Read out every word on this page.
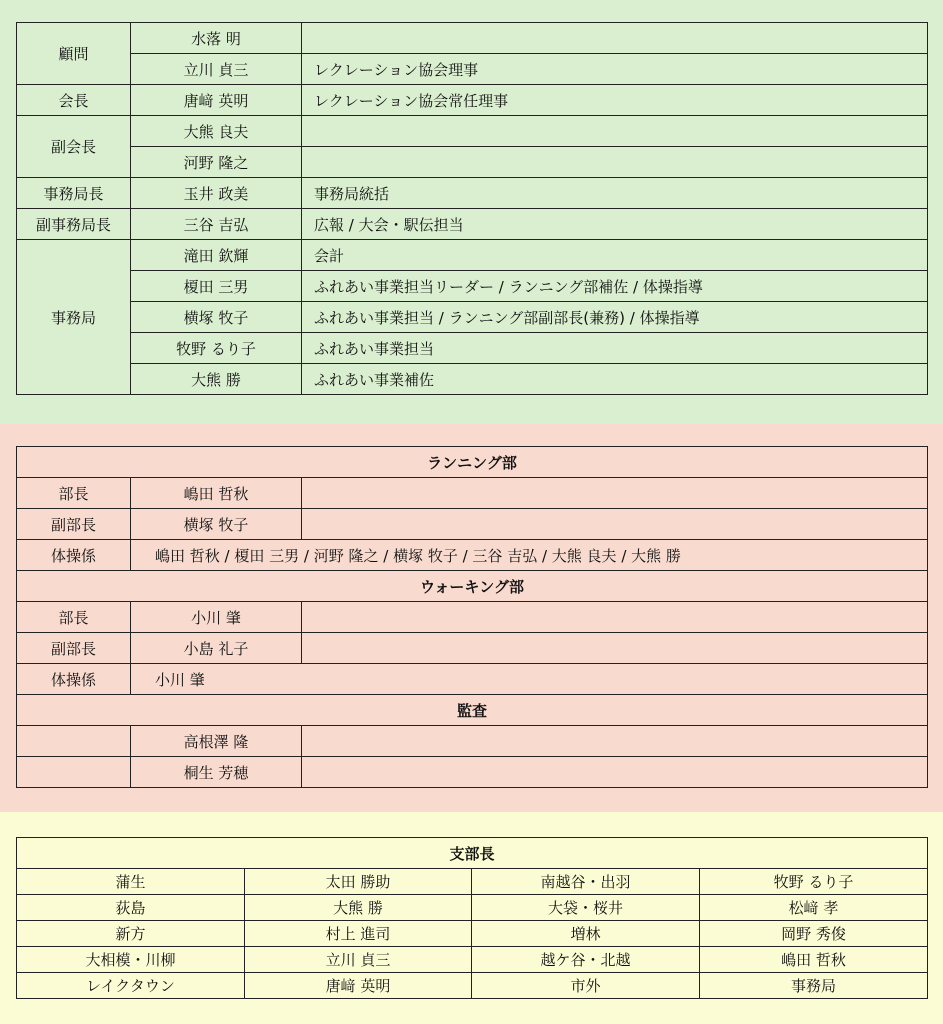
顧問	水落 明	
	立川 貞三	レクレーション協会理事
会長	唐﨑 英明	レクレーション協会常任理事
副会長	大熊 良夫	
	河野 隆之	
事務局長	玉井 政美	事務局統括
副事務局長	三谷 吉弘	広報 / 大会・駅伝担当
事務局	滝田 欽輝	会計
	榎田 三男	ふれあい事業担当リーダー / ランニング部補佐 / 体操指導
	横塚 牧子	ふれあい事業担当 / ランニング部副部長(兼務) / 体操指導
	牧野 るり子	ふれあい事業担当
	大熊 勝	ふれあい事業補佐
ランニング部		
部長	嶋田 哲秋	
副部長	横塚 牧子	
体操係	嶋田 哲秋 / 榎田 三男 / 河野 隆之 / 横塚 牧子 / 三谷 吉弘 / 大熊 良夫 / 大熊 勝	
ウォーキング部		
部長	小川 肇	
副部長	小島 礼子	
体操係	小川 肇	
監査		
	高根澤 隆	
	桐生 芳穂	
支部長			
蒲生	太田 勝助	南越谷・出羽	牧野 るり子
荻島	大熊 勝	大袋・桜井	松﨑 孝
新方	村上 進司	増林	岡野 秀俊
大相模・川柳	立川 貞三	越ケ谷・北越	嶋田 哲秋
レイクタウン	唐﨑 英明	市外	事務局
